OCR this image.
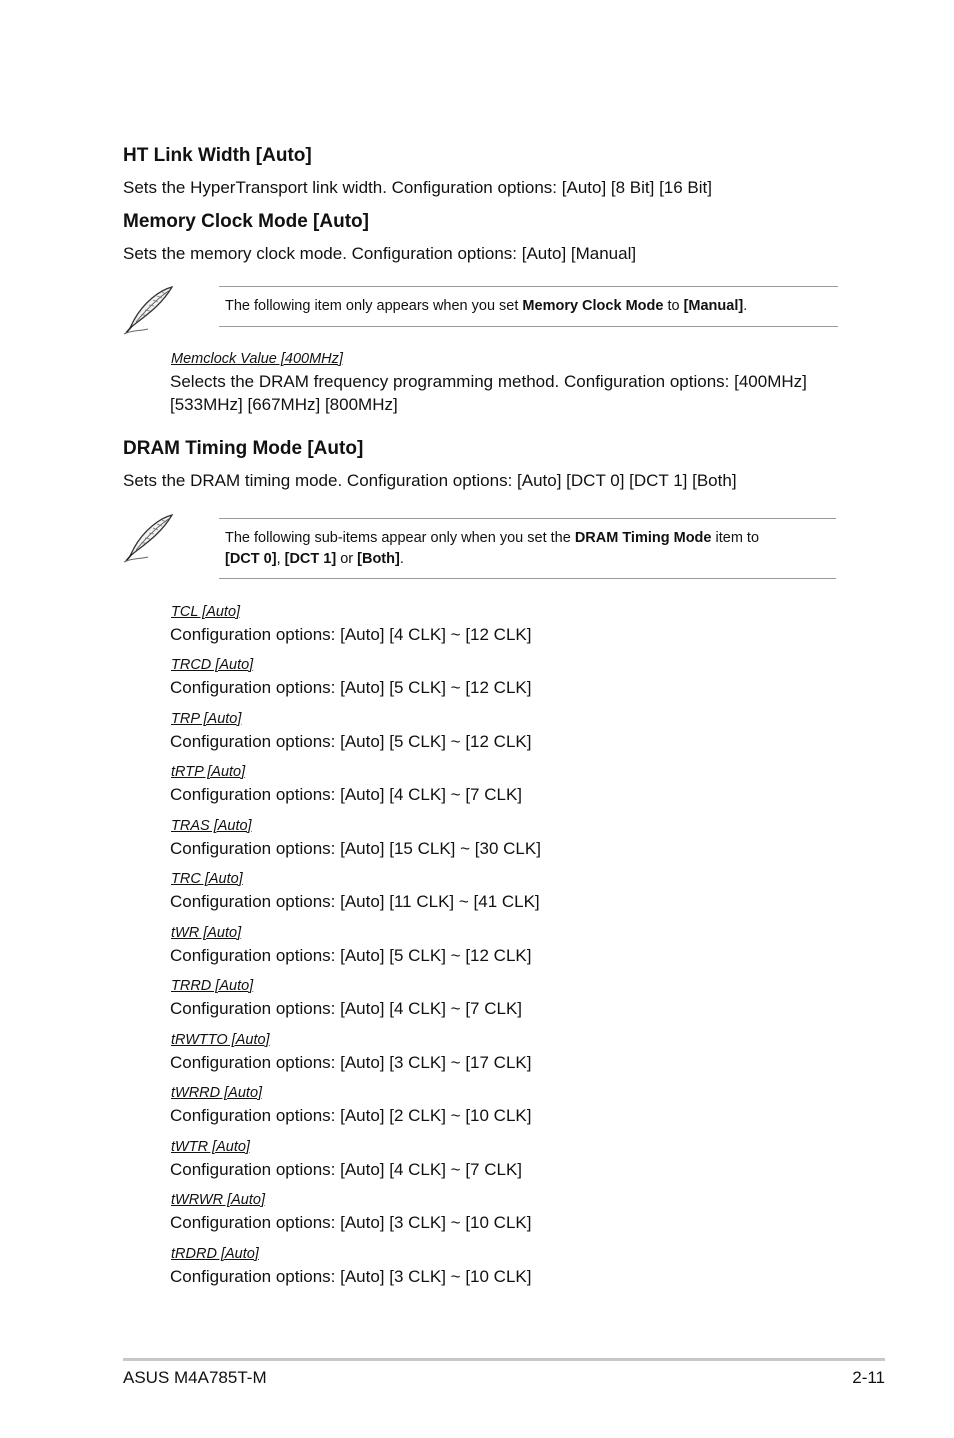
HT Link Width [Auto]

Sets the HyperTransport link width. Configuration options: [Auto] [8 Bit] [16 Bit]

Memory Clock Mode [Auto]

Sets the memory clock mode. Configuration options: [Auto] [Manual]

The following item only appears when you set Memory Clock Mode to [Manual].

Memclock Value [400MHz]

Selects the DRAM frequency programming method. Configuration options: [400MHz]
[533MHz] [667MHz] [800MHz]
DRAM Timing Mode [Auto]

Sets the DRAM timing mode. Configuration options: [Auto] [DCT 0] [DCT 1] [Both]

The following sub-items appear only when you set the DRAM Timing Mode item to
[DCT 0], [DCT 1] or [Both].

TCL [Auto]

Configuration options: [Auto] [4 CLK] ~ [12 CLK]

TRCD [Auto]

Configuration options: [Auto] [5 CLK] ~ [12 CLK]

TRP [Auto]

Configuration options: [Auto] [5 CLK] ~ [12 CLK]

tRTP [Auto]

Configuration options: [Auto] [4 CLK] ~ [7 CLK]

TRAS [Auto]

Configuration options: [Auto] [15 CLK] ~ [30 CLK]

TRC [Auto]

Configuration options: [Auto] [11 CLK] ~ [41 CLK]

tWR [Auto]

Configuration options: [Auto] [5 CLK] ~ [12 CLK]

TRRD [Auto]

Configuration options: [Auto] [4 CLK] ~ [7 CLK]

tRWTTO [Auto]

Configuration options: [Auto] [3 CLK] ~ [17 CLK]

tWRRD [Auto]

Configuration options: [Auto] [2 CLK] ~ [10 CLK]

tWTR [Auto]

Configuration options: [Auto] [4 CLK] ~ [7 CLK]

tWRWR [Auto]

Configuration options: [Auto] [3 CLK] ~ [10 CLK]

tRDRD [Auto]

Configuration options: [Auto] [3 CLK] ~ [10 CLK]

ASUS M4A785T-M	2-11
